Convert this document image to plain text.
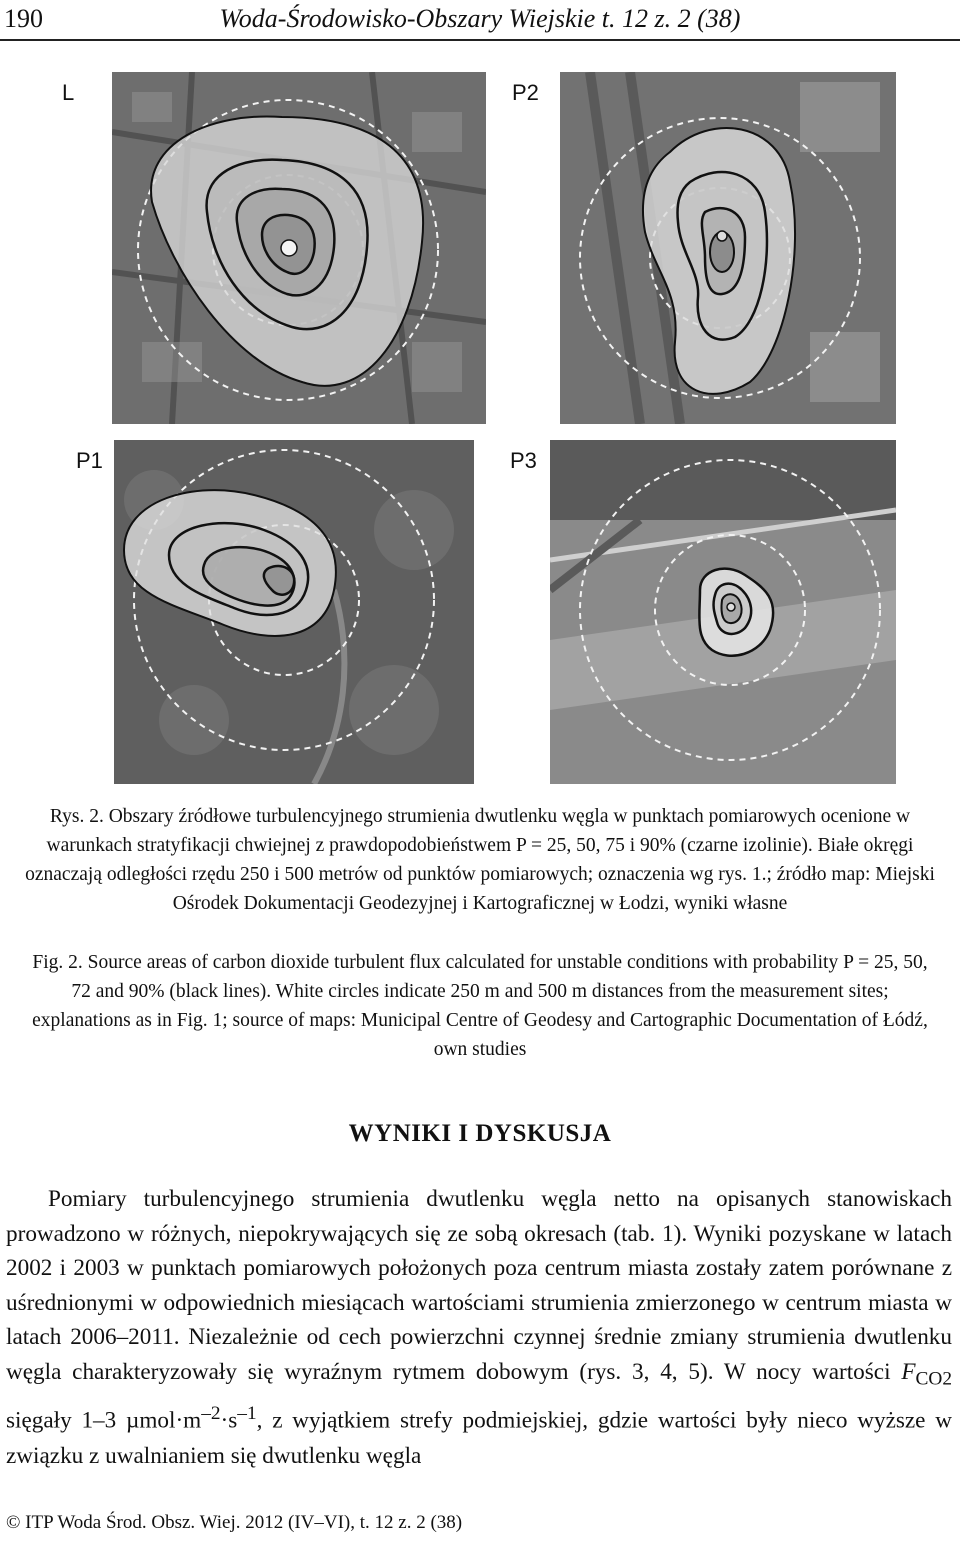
190	Woda-Środowisko-Obszary Wiejskie t. 12 z. 2 (38)
L	P2
P1	P3

Rys. 2. Obszary źródłowe turbulencyjnego strumienia dwutlenku węgla w punktach pomiarowych ocenione w warunkach stratyfikacji chwiejnej z prawdopodobieństwem P = 25, 50, 75 i 90% (czarne izolinie). Białe okręgi oznaczają odległości rzędu 250 i 500 metrów od punktów pomiarowych; oznaczenia wg rys. 1.; źródło map: Miejski Ośrodek Dokumentacji Geodezyjnej i Kartograficznej w Łodzi, wyniki własne

Fig. 2. Source areas of carbon dioxide turbulent flux calculated for unstable conditions with probability P = 25, 50, 72 and 90% (black lines). White circles indicate 250 m and 500 m distances from the measurement sites; explanations as in Fig. 1; source of maps: Municipal Centre of Geodesy and Cartographic Documentation of Łódź, own studies

WYNIKI I DYSKUSJA

Pomiary turbulencyjnego strumienia dwutlenku węgla netto na opisanych stanowiskach prowadzono w różnych, niepokrywających się ze sobą okresach (tab. 1). Wyniki pozyskane w latach 2002 i 2003 w punktach pomiarowych położonych poza centrum miasta zostały zatem porównane z uśrednionymi w odpowiednich miesiącach wartościami strumienia zmierzonego w centrum miasta w latach 2006–2011. Niezależnie od cech powierzchni czynnej średnie zmiany strumienia dwutlenku węgla charakteryzowały się wyraźnym rytmem dobowym (rys. 3, 4, 5). W nocy wartości $F_{CO2}$ sięgały 1–3 $\mu mol\cdot m^{-2}\cdot s^{-1}$, z wyjątkiem strefy podmiejskiej, gdzie wartości były nieco wyższe w związku z uwalnianiem się dwutlenku węgla

© ITP Woda Środ. Obsz. Wiej. 2012 (IV–VI), t. 12 z. 2 (38)
